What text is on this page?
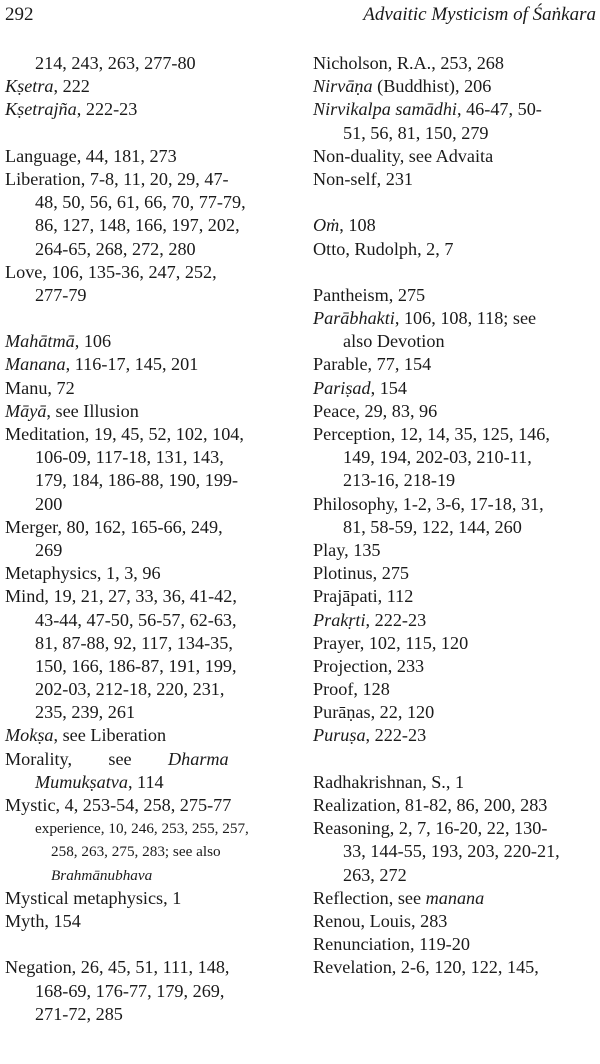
292	Advaitic Mysticism of Śaṅkara
214, 243, 263, 277-80
Kṣetra, 222
Kṣetrajña, 222-23
Language, 44, 181, 273
Liberation, 7-8, 11, 20, 29, 47-
48, 50, 56, 61, 66, 70, 77-79,
86, 127, 148, 166, 197, 202,
264-65, 268, 272, 280
Love, 106, 135-36, 247, 252,
277-79
Mahātmā, 106
Manana, 116-17, 145, 201
Manu, 72
Māyā, see Illusion
Meditation, 19, 45, 52, 102, 104,
106-09, 117-18, 131, 143,
179, 184, 186-88, 190, 199-
200
Merger, 80, 162, 165-66, 249,
269
Metaphysics, 1, 3, 96
Mind, 19, 21, 27, 33, 36, 41-42,
43-44, 47-50, 56-57, 62-63,
81, 87-88, 92, 117, 134-35,
150, 166, 186-87, 191, 199,
202-03, 212-18, 220, 231,
235, 239, 261
Mokṣa, see Liberation
Morality,        see        Dharma
Mumukṣatva, 114
Mystic, 4, 253-54, 258, 275-77
experience, 10, 246, 253, 255, 257,
258, 263, 275, 283; see also
Brahmānubhava
Mystical metaphysics, 1
Myth, 154
Negation, 26, 45, 51, 111, 148,
168-69, 176-77, 179, 269,
271-72, 285
Nicholson, R.A., 253, 268
Nirvāṇa (Buddhist), 206
Nirvikalpa samādhi, 46-47, 50-
51, 56, 81, 150, 279
Non-duality, see Advaita
Non-self, 231
Oṁ, 108
Otto, Rudolph, 2, 7
Pantheism, 275
Parābhakti, 106, 108, 118; see
also Devotion
Parable, 77, 154
Pariṣad, 154
Peace, 29, 83, 96
Perception, 12, 14, 35, 125, 146,
149, 194, 202-03, 210-11,
213-16, 218-19
Philosophy, 1-2, 3-6, 17-18, 31,
81, 58-59, 122, 144, 260
Play, 135
Plotinus, 275
Prajāpati, 112
Prakṛti, 222-23
Prayer, 102, 115, 120
Projection, 233
Proof, 128
Purāṇas, 22, 120
Puruṣa, 222-23
Radhakrishnan, S., 1
Realization, 81-82, 86, 200, 283
Reasoning, 2, 7, 16-20, 22, 130-
33, 144-55, 193, 203, 220-21,
263, 272
Reflection, see manana
Renou, Louis, 283
Renunciation, 119-20
Revelation, 2-6, 120, 122, 145,
